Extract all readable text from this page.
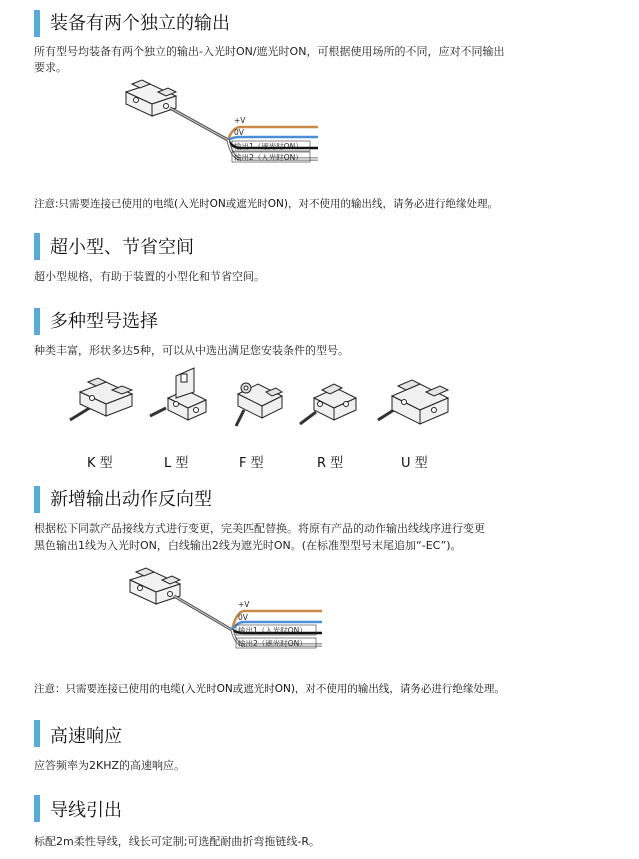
装备有两个独立的输出
所有型号均装备有两个独立的输出-入光时ON/遮光时ON，可根据使用场所的不同，应对不同输出
要求。
+V
0V
输出1（遮光时ON）
输出2（入光时ON）
注意:只需要连接已使用的电缆(入光时ON或遮光时ON)，对不使用的输出线，请务必进行绝缘处理。
超小型、节省空间
超小型规格，有助于装置的小型化和节省空间。
多种型号选择
种类丰富，形状多达5种，可以从中选出满足您安装条件的型号。
K 型	L 型	F 型	R 型	U 型
新增输出动作反向型
根据松下同款产品接线方式进行变更，完美匹配替换。将原有产品的动作输出线线序进行变更
黑色输出1线为入光时ON，白线输出2线为遮光时ON。(在标准型型号末尾追加“-EC”)。
+V
0V
输出1（入光时ON）
输出2（遮光时ON）
注意：只需要连接已使用的电缆(入光时ON或遮光时ON)，对不使用的输出线，请务必进行绝缘处理。
高速响应
应答频率为2KHZ的高速响应。
导线引出
标配2m柔性导线，线长可定制;可选配耐曲折弯拖链线-R。
